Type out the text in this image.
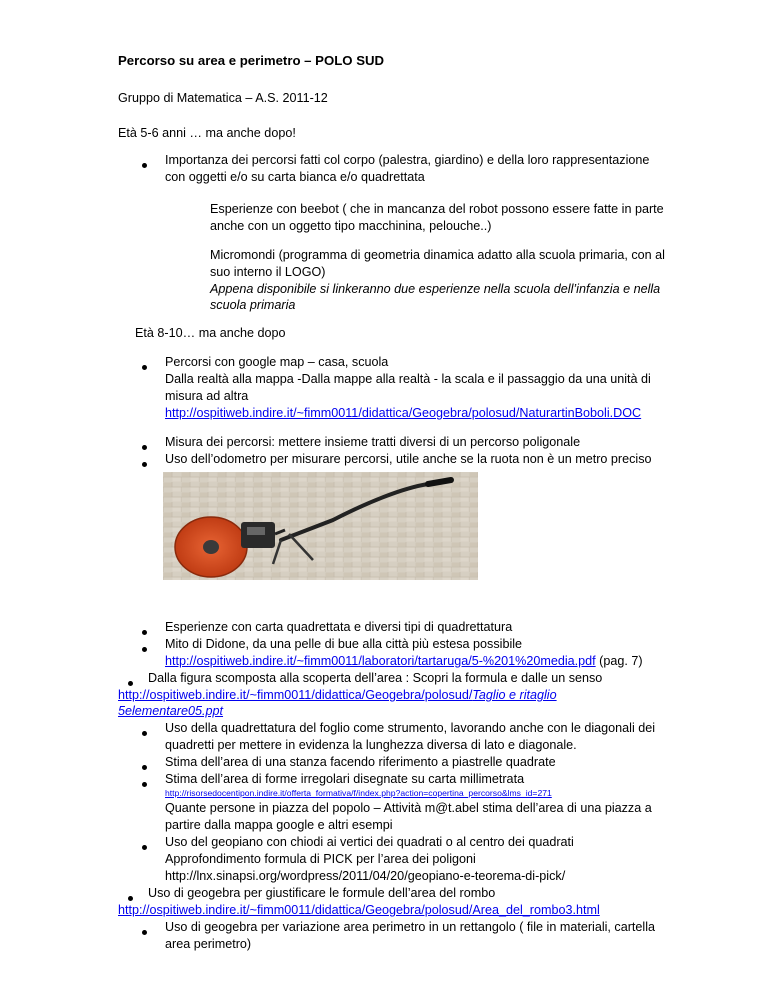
Percorso su area e perimetro – POLO SUD
Gruppo di Matematica – A.S. 2011-12
Età 5-6 anni … ma anche dopo!
Importanza dei percorsi fatti col corpo (palestra, giardino) e della loro rappresentazione
con oggetti e/o su carta bianca e/o quadrettata
Esperienze con beebot ( che in mancanza del robot possono essere fatte in parte
anche con un oggetto tipo macchinina, pelouche..)
Micromondi (programma di geometria dinamica adatto alla scuola primaria, con al
suo interno il LOGO)
Appena disponibile si linkeranno due esperienze nella scuola dell’infanzia e nella
scuola primaria
Età 8-10… ma anche dopo
Percorsi con google map – casa, scuola
Dalla realtà alla mappa -Dalla mappe alla realtà - la scala e il passaggio da una unità di
misura ad altra
http://ospitiweb.indire.it/~fimm0011/didattica/Geogebra/polosud/NaturartinBoboli.DOC
Misura dei percorsi: mettere insieme tratti diversi di un percorso poligonale
Uso dell’odometro per misurare percorsi, utile anche se la ruota non è un metro preciso
Esperienze con carta quadrettata e diversi tipi di quadrettatura
Mito di Didone, da una pelle di bue alla città più estesa possibile
http://ospitiweb.indire.it/~fimm0011/laboratori/tartaruga/5-%201%20media.pdf (pag. 7)
Dalla figura scomposta alla scoperta dell’area : Scopri la formula e dalle un senso
http://ospitiweb.indire.it/~fimm0011/didattica/Geogebra/polosud/Taglio e ritaglio
5elementare05.ppt
Uso della quadrettatura del foglio come strumento, lavorando anche con le diagonali dei
quadretti per mettere in evidenza la lunghezza diversa di lato e diagonale.
Stima dell’area di una stanza facendo riferimento a piastrelle quadrate
Stima dell’area di forme irregolari disegnate su carta millimetrata
http://risorsedocentipon.indire.it/offerta_formativa/f/index.php?action=copertina_percorso&lms_id=271
Quante persone in piazza del popolo – Attività m@t.abel stima dell’area di una piazza a
partire dalla mappa google e altri esempi
Uso del geopiano con chiodi ai vertici dei quadrati o al centro dei quadrati
Approfondimento formula di PICK per l’area dei poligoni
http://lnx.sinapsi.org/wordpress/2011/04/20/geopiano-e-teorema-di-pick/
Uso di geogebra per giustificare le formule dell’area del rombo
http://ospitiweb.indire.it/~fimm0011/didattica/Geogebra/polosud/Area_del_rombo3.html
Uso di geogebra per variazione area perimetro in un rettangolo ( file in materiali, cartella
area perimetro)
